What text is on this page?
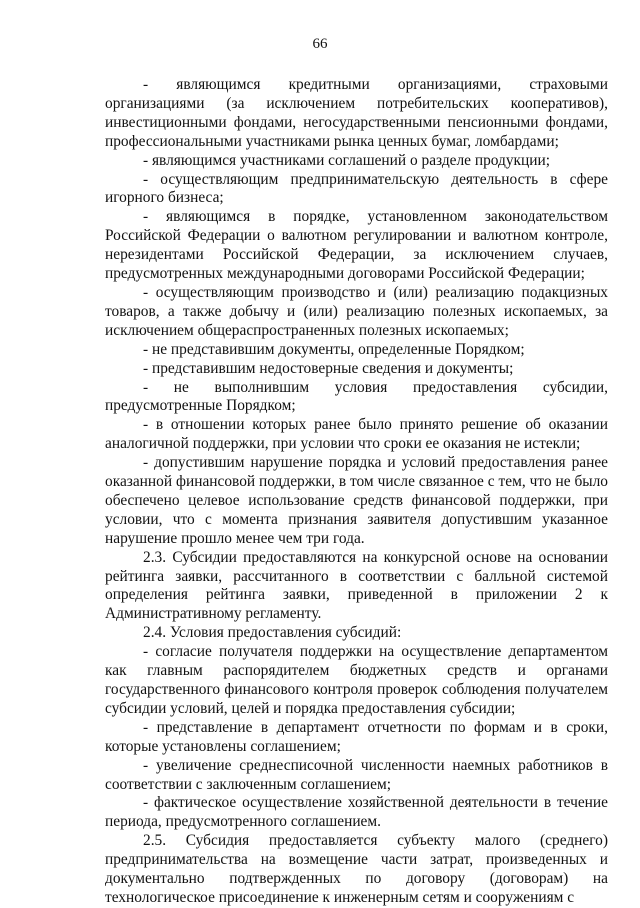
66

- являющимся кредитными организациями, страховыми организациями (за исключением потребительских кооперативов), инвестиционными фондами, негосударственными пенсионными фондами, профессиональными участниками рынка ценных бумаг, ломбардами;

- являющимся участниками соглашений о разделе продукции;

- осуществляющим предпринимательскую деятельность в сфере игорного бизнеса;

- являющимся в порядке, установленном законодательством Российской Федерации о валютном регулировании и валютном контроле, нерезидентами Российской Федерации, за исключением случаев, предусмотренных международными договорами Российской Федерации;

- осуществляющим производство и (или) реализацию подакцизных товаров, а также добычу и (или) реализацию полезных ископаемых, за исключением общераспространенных полезных ископаемых;

- не представившим документы, определенные Порядком;

- представившим недостоверные сведения и документы;

- не выполнившим условия предоставления субсидии, предусмотренные Порядком;

- в отношении которых ранее было принято решение об оказании аналогичной поддержки, при условии что сроки ее оказания не истекли;

- допустившим нарушение порядка и условий предоставления ранее оказанной финансовой поддержки, в том числе связанное с тем, что не было обеспечено целевое использование средств финансовой поддержки, при условии, что с момента признания заявителя допустившим указанное нарушение прошло менее чем три года.

2.3. Субсидии предоставляются на конкурсной основе на основании рейтинга заявки, рассчитанного в соответствии с балльной системой определения рейтинга заявки, приведенной в приложении 2 к Административному регламенту.

2.4. Условия предоставления субсидий:

- согласие получателя поддержки на осуществление департаментом как главным распорядителем бюджетных средств и органами государственного финансового контроля проверок соблюдения получателем субсидии условий, целей и порядка предоставления субсидии;

- представление в департамент отчетности по формам и в сроки, которые установлены соглашением;

- увеличение среднесписочной численности наемных работников в соответствии с заключенным соглашением;

- фактическое осуществление хозяйственной деятельности в течение периода, предусмотренного соглашением.

2.5. Субсидия предоставляется субъекту малого (среднего) предпринимательства на возмещение части затрат, произведенных и документально подтвержденных по договору (договорам) на технологическое присоединение к инженерным сетям и сооружениям с
